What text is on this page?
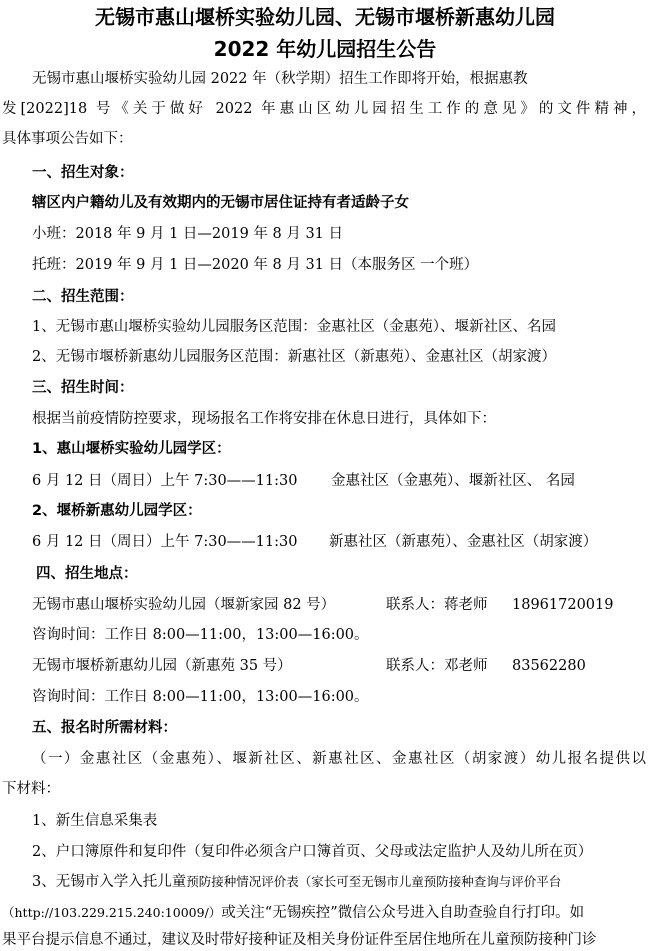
无锡市惠山堰桥实验幼儿园、无锡市堰桥新惠幼儿园
2022 年幼儿园招生公告
无锡市惠山堰桥实验幼儿园 2022 年（秋学期）招生工作即将开始，根据惠教
发[2022]18 号《关于做好 2022 年惠山区幼儿园招生工作的意见》的文件精神，
具体事项公告如下：
一、招生对象：
辖区内户籍幼儿及有效期内的无锡市居住证持有者适龄子女
小班：2018 年 9 月 1 日—2019 年 8 月 31 日
托班：2019 年 9 月 1 日—2020 年 8 月 31 日（本服务区 一个班）
二、招生范围：
1、无锡市惠山堰桥实验幼儿园服务区范围：金惠社区（金惠苑）、堰新社区、名园
2、无锡市堰桥新惠幼儿园服务区范围：新惠社区（新惠苑）、金惠社区（胡家渡）
三、招生时间：
根据当前疫情防控要求，现场报名工作将安排在休息日进行，具体如下：
1、惠山堰桥实验幼儿园学区：
6 月 12 日（周日）上午 7:30——11:30 金惠社区（金惠苑）、堰新社区、 名园
2、堰桥新惠幼儿园学区：
6 月 12 日（周日）上午 7:30——11:30 新惠社区（新惠苑）、金惠社区（胡家渡）
四、招生地点：
无锡市惠山堰桥实验幼儿园（堰新家园 82 号）	联系人：蒋老师 18961720019
咨询时间：工作日 8:00—11:00，13:00—16:00。
无锡市堰桥新惠幼儿园（新惠苑 35 号）	联系人：邓老师 83562280
咨询时间：工作日 8:00—11:00，13:00—16:00。
五、报名时所需材料：
（一）金惠社区（金惠苑）、堰新社区、新惠社区、金惠社区（胡家渡）幼儿报名提供以
下材料：
1、新生信息采集表
2、户口簿原件和复印件（复印件必须含户口簿首页、父母或法定监护人及幼儿所在页）
3、无锡市入学入托儿童预防接种情况评价表（家长可至无锡市儿童预防接种查询与评价平台
（http://103.229.215.240:10009/）或关注“无锡疾控”微信公众号进入自助查验自行打印。如
果平台提示信息不通过，建议及时带好接种证及相关身份证件至居住地所在儿童预防接种门诊
